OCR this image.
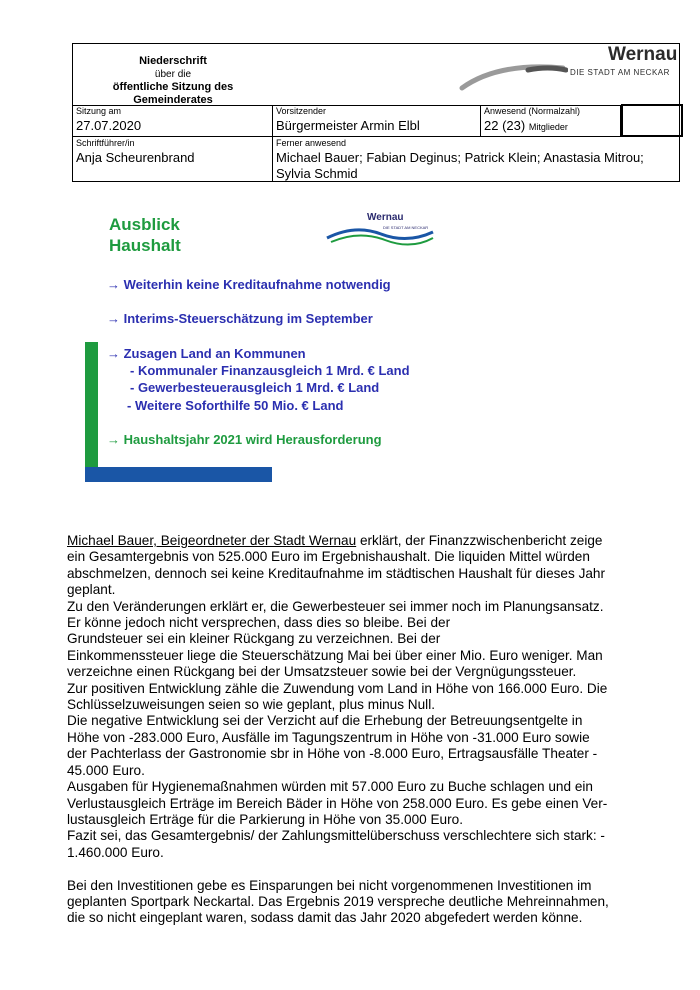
Niederschrift
über die
öffentliche Sitzung des
Gemeinderates
Wernau
DIE STADT AM NECKAR
Sitzung am
27.07.2020
Vorsitzender
Bürgermeister Armin Elbl
Anwesend (Normalzahl)
22 (23) Mitglieder
Schriftführer/in
Anja Scheurenbrand
Ferner anwesend
Michael Bauer; Fabian Deginus; Patrick Klein; Anastasia Mitrou;
Sylvia Schmid
Ausblick
Haushalt
Wernau
DIE STADT AM NECKAR
→ Weiterhin keine Kreditaufnahme notwendig
→ Interims-Steuerschätzung im September
→ Zusagen Land an Kommunen
- Kommunaler Finanzausgleich 1 Mrd. € Land
- Gewerbesteuerausgleich 1 Mrd. € Land
- Weitere Soforthilfe 50 Mio. € Land
→ Haushaltsjahr 2021 wird Herausforderung

Michael Bauer, Beigeordneter der Stadt Wernau erklärt, der Finanzzwischenbericht zeige

ein Gesamtergebnis von 525.000 Euro im Ergebnishaushalt. Die liquiden Mittel würden

abschmelzen, dennoch sei keine Kreditaufnahme im städtischen Haushalt für dieses Jahr

geplant.

Zu den Veränderungen erklärt er, die Gewerbesteuer sei immer noch im Planungsansatz.

Er könne jedoch nicht versprechen, dass dies so bleibe. Bei der

Grundsteuer sei ein kleiner Rückgang zu verzeichnen. Bei der

Einkommenssteuer liege die Steuerschätzung Mai bei über einer Mio. Euro weniger. Man

verzeichne einen Rückgang bei der Umsatzsteuer sowie bei der Vergnügungssteuer.

Zur positiven Entwicklung zähle die Zuwendung vom Land in Höhe von 166.000 Euro. Die

Schlüsselzuweisungen seien so wie geplant, plus minus Null.

Die negative Entwicklung sei der Verzicht auf die Erhebung der Betreuungsentgelte in

Höhe von -283.000 Euro, Ausfälle im Tagungszentrum in Höhe von -31.000 Euro sowie

der Pachterlass der Gastronomie sbr in Höhe von -8.000 Euro, Ertragsausfälle Theater -

45.000 Euro.

Ausgaben für Hygienemaßnahmen würden mit 57.000 Euro zu Buche schlagen und ein

Verlustausgleich Erträge im Bereich Bäder in Höhe von 258.000 Euro. Es gebe einen Ver-

lustausgleich Erträge für die Parkierung in Höhe von 35.000 Euro.

Fazit sei, das Gesamtergebnis/ der Zahlungsmittelüberschuss verschlechtere sich stark: -

1.460.000 Euro.

Bei den Investitionen gebe es Einsparungen bei nicht vorgenommenen Investitionen im

geplanten Sportpark Neckartal. Das Ergebnis 2019 verspreche deutliche Mehreinnahmen,

die so nicht eingeplant waren, sodass damit das Jahr 2020 abgefedert werden könne.
